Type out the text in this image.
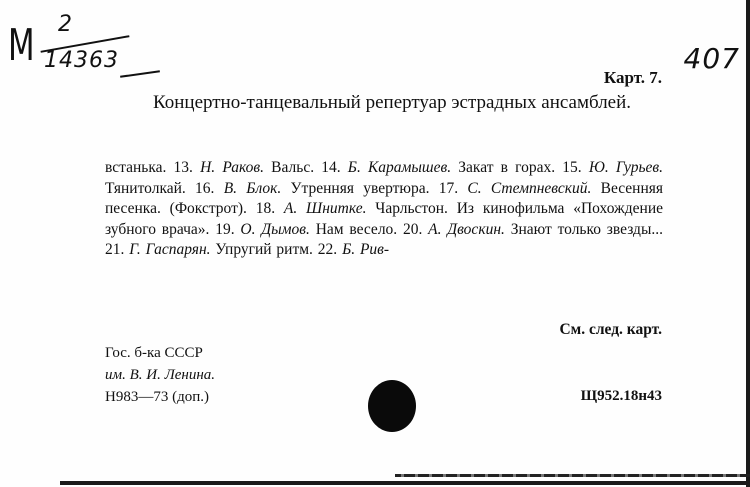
M 2
14363	407
Карт. 7.
Концертно-танцевальный репертуар эстрадных ансамблей.
встанька. 13. Н. Раков. Вальс. 14. Б. Карамышев. Закат в горах. 15. Ю. Гурьев. Тянитолкай. 16. В. Блок. Утренняя увертюра. 17. С. Стемпневский. Весенняя песенка. (Фокстрот). 18. А. Шнитке. Чарльстон. Из кинофильма «Похождение зубного врача». 19. О. Дымов. Нам весело. 20. А. Двоскин. Знают только звезды... 21. Г. Гаспарян. Упругий ритм. 22. Б. Рив-
См. след. карт.
Гос. б-ка СССР
им. В. И. Ленина.
Н983—73 (доп.)	Щ952.18н43
